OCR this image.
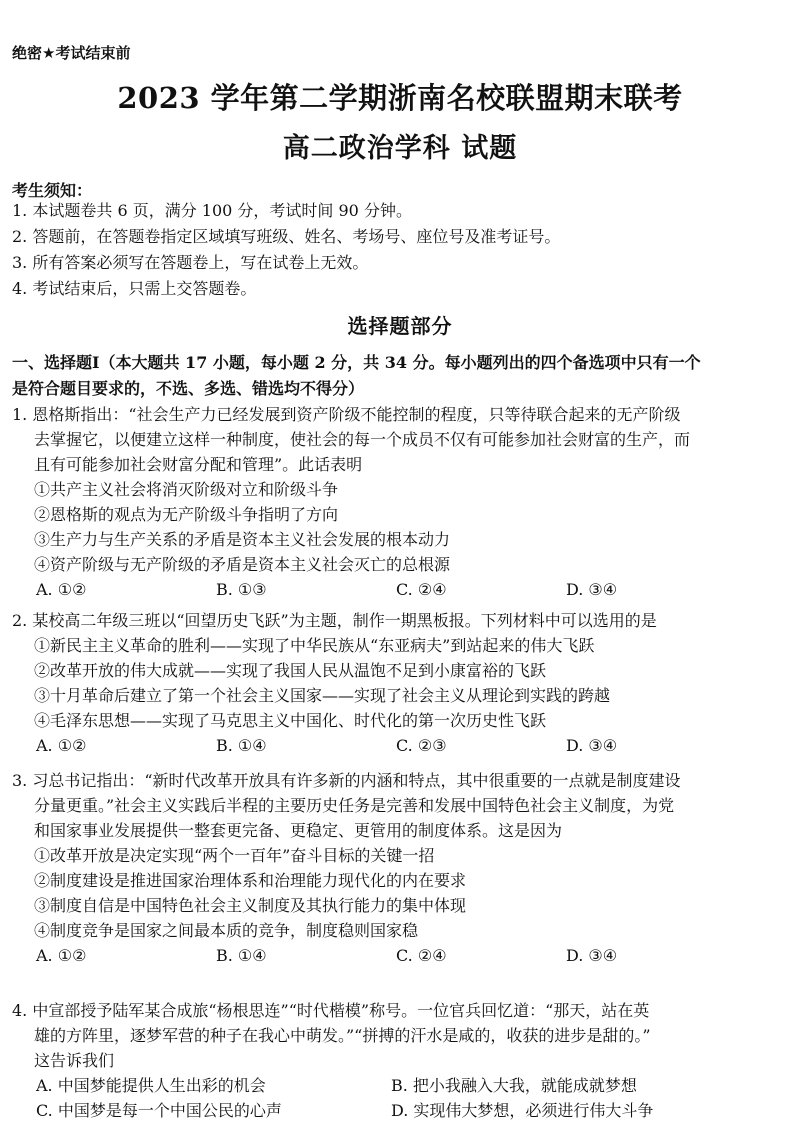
绝密★考试结束前
2023 学年第二学期浙南名校联盟期末联考
高二政治学科 试题
考生须知：
1. 本试题卷共 6 页，满分 100 分，考试时间 90 分钟。
2. 答题前，在答题卷指定区域填写班级、姓名、考场号、座位号及准考证号。
3. 所有答案必须写在答题卷上，写在试卷上无效。
4. 考试结束后，只需上交答题卷。
选择题部分
一、选择题Ⅰ（本大题共 17 小题，每小题 2 分，共 34 分。每小题列出的四个备选项中只有一个
是符合题目要求的，不选、多选、错选均不得分）
1. 恩格斯指出：“社会生产力已经发展到资产阶级不能控制的程度，只等待联合起来的无产阶级
去掌握它，以便建立这样一种制度，使社会的每一个成员不仅有可能参加社会财富的生产，而
且有可能参加社会财富分配和管理”。此话表明
①共产主义社会将消灭阶级对立和阶级斗争
②恩格斯的观点为无产阶级斗争指明了方向
③生产力与生产关系的矛盾是资本主义社会发展的根本动力
④资产阶级与无产阶级的矛盾是资本主义社会灭亡的总根源
A. ①②	B. ①③	C. ②④	D. ③④
2. 某校高二年级三班以“回望历史飞跃”为主题，制作一期黑板报。下列材料中可以选用的是
①新民主主义革命的胜利——实现了中华民族从“东亚病夫”到站起来的伟大飞跃
②改革开放的伟大成就——实现了我国人民从温饱不足到小康富裕的飞跃
③十月革命后建立了第一个社会主义国家——实现了社会主义从理论到实践的跨越
④毛泽东思想——实现了马克思主义中国化、时代化的第一次历史性飞跃
A. ①②	B. ①④	C. ②③	D. ③④
3. 习总书记指出：“新时代改革开放具有许多新的内涵和特点，其中很重要的一点就是制度建设
分量更重。”社会主义实践后半程的主要历史任务是完善和发展中国特色社会主义制度，为党
和国家事业发展提供一整套更完备、更稳定、更管用的制度体系。这是因为
①改革开放是决定实现“两个一百年”奋斗目标的关键一招
②制度建设是推进国家治理体系和治理能力现代化的内在要求
③制度自信是中国特色社会主义制度及其执行能力的集中体现
④制度竞争是国家之间最本质的竞争，制度稳则国家稳
A. ①②	B. ①④	C. ②④	D. ③④
4. 中宣部授予陆军某合成旅“杨根思连”“时代楷模”称号。一位官兵回忆道：“那天，站在英
雄的方阵里，逐梦军营的种子在我心中萌发。”“拼搏的汗水是咸的，收获的进步是甜的。”
这告诉我们
A. 中国梦能提供人生出彩的机会	B. 把小我融入大我，就能成就梦想
C. 中国梦是每一个中国公民的心声	D. 实现伟大梦想，必须进行伟大斗争
